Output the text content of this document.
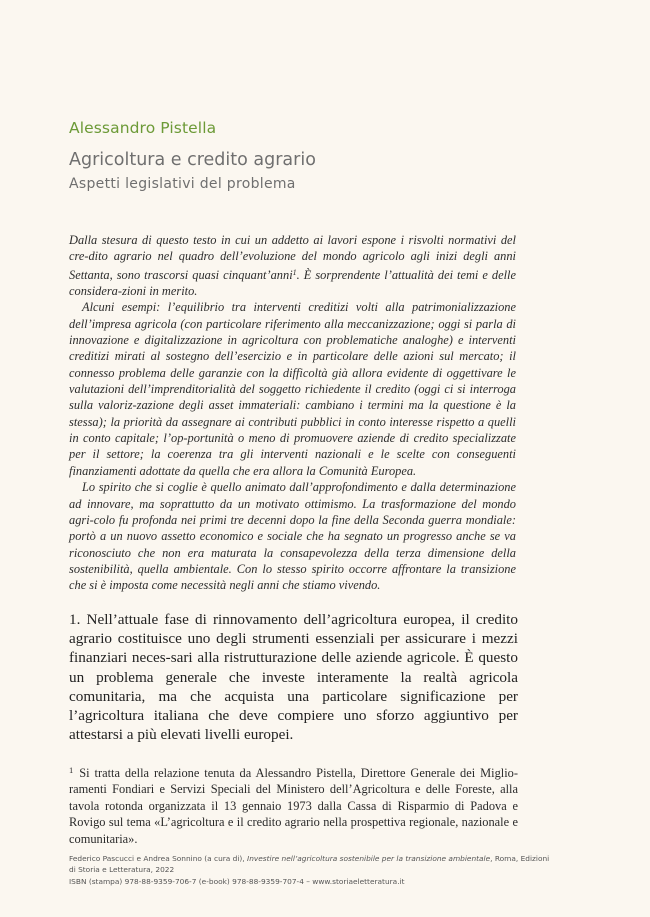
Alessandro Pistella
Agricoltura e credito agrario
Aspetti legislativi del problema

Dalla stesura di questo testo in cui un addetto ai lavori espone i risvolti normativi del cre-dito agrario nel quadro dell’evoluzione del mondo agricolo agli inizi degli anni Settanta, sono trascorsi quasi cinquant’anni$^1$. È sorprendente l’attualità dei temi e delle considera-zioni in merito.

Alcuni esempi: l’equilibrio tra interventi creditizi volti alla patrimonializzazione dell’impresa agricola (con particolare riferimento alla meccanizzazione; oggi si parla di innovazione e digitalizzazione in agricoltura con problematiche analoghe) e interventi creditizi mirati al sostegno dell’esercizio e in particolare delle azioni sul mercato; il connesso problema delle garanzie con la difficoltà già allora evidente di oggettivare le valutazioni dell’imprenditorialità del soggetto richiedente il credito (oggi ci si interroga sulla valoriz-zazione degli asset immateriali: cambiano i termini ma la questione è la stessa); la priorità da assegnare ai contributi pubblici in conto interesse rispetto a quelli in conto capitale; l’op-portunità o meno di promuovere aziende di credito specializzate per il settore; la coerenza tra gli interventi nazionali e le scelte con conseguenti finanziamenti adottate da quella che era allora la Comunità Europea.

Lo spirito che si coglie è quello animato dall’approfondimento e dalla determinazione ad innovare, ma soprattutto da un motivato ottimismo. La trasformazione del mondo agri-colo fu profonda nei primi tre decenni dopo la fine della Seconda guerra mondiale: portò a un nuovo assetto economico e sociale che ha segnato un progresso anche se va riconosciuto che non era maturata la consapevolezza della terza dimensione della sostenibilità, quella ambientale. Con lo stesso spirito occorre affrontare la transizione che si è imposta come necessità negli anni che stiamo vivendo.

1. Nell’attuale fase di rinnovamento dell’agricoltura europea, il credito agrario costituisce uno degli strumenti essenziali per assicurare i mezzi finanziari neces-sari alla ristrutturazione delle aziende agricole. È questo un problema generale che investe interamente la realtà agricola comunitaria, ma che acquista una particolare significazione per l’agricoltura italiana che deve compiere uno sforzo aggiuntivo per attestarsi a più elevati livelli europei.

$^1$ Si tratta della relazione tenuta da Alessandro Pistella, Direttore Generale dei Miglio-ramenti Fondiari e Servizi Speciali del Ministero dell’Agricoltura e delle Foreste, alla tavola rotonda organizzata il 13 gennaio 1973 dalla Cassa di Risparmio di Padova e Rovigo sul tema «L’agricoltura e il credito agrario nella prospettiva regionale, nazionale e comunitaria».

Federico Pascucci e Andrea Sonnino (a cura di), Investire nell’agricoltura sostenibile per la transizione ambientale, Roma, Edizioni
di Storia e Letteratura, 2022
ISBN (stampa) 978-88-9359-706-7 (e-book) 978-88-9359-707-4 – www.storiaeletteratura.it
